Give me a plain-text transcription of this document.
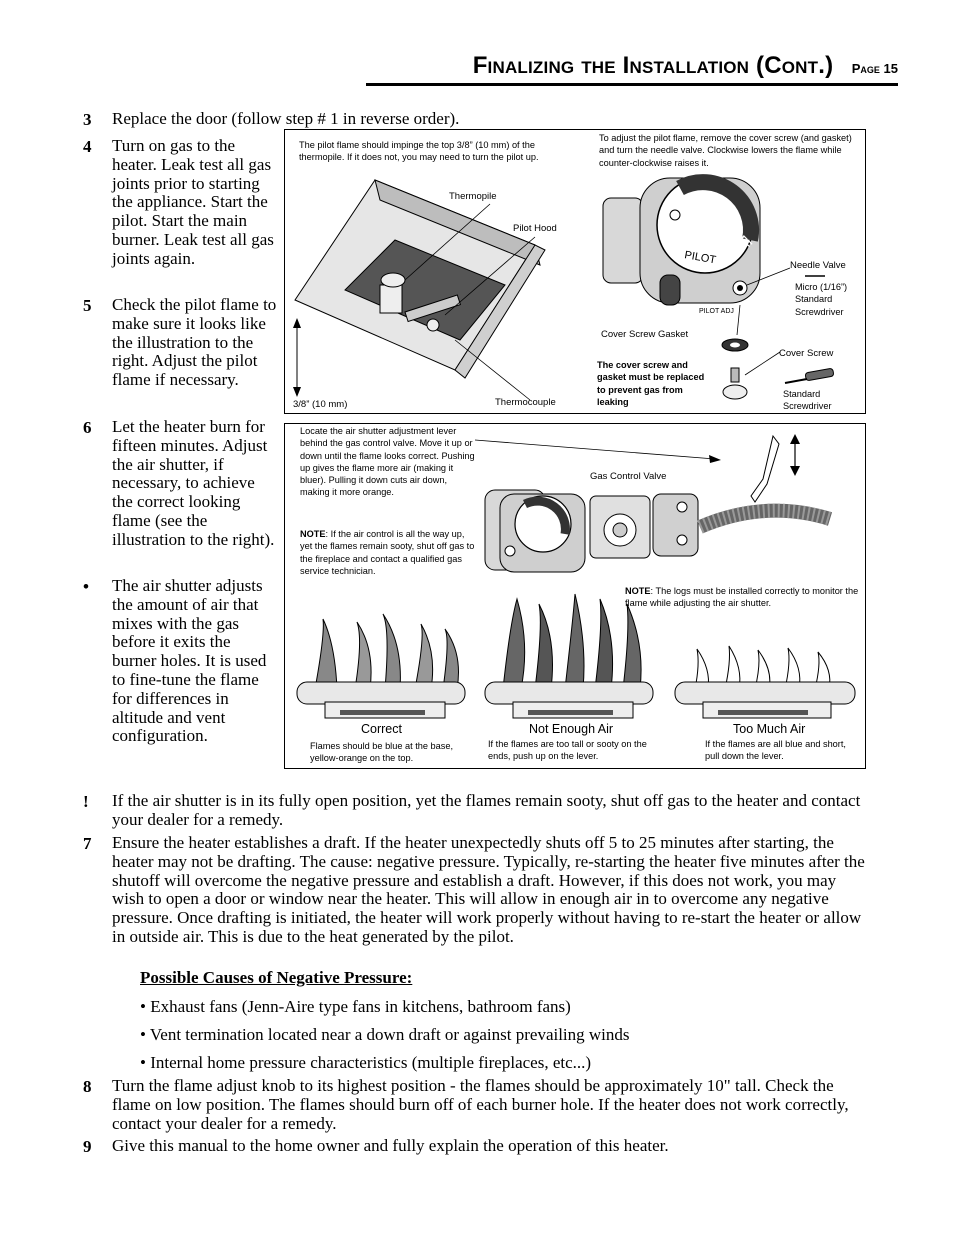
Finalizing the Installation (Cont.) Page 15
3 Replace the door (follow step # 1 in reverse order).
4 Turn on gas to the heater. Leak test all gas joints prior to starting the appliance. Start the pilot. Start the main burner. Leak test all gas joints again.
5 Check the pilot flame to make sure it looks like the illustration to the right. Adjust the pilot flame if necessary.
6 Let the heater burn for fifteen minutes. Adjust the air shutter, if necessary, to achieve the correct looking flame (see the illustration to the right).
• The air shutter adjusts the amount of air that mixes with the gas before it exits the burner holes. It is used to fine-tune the flame for differences in altitude and vent configuration.
ON
OFF
PILOT
PILOT ADJ
The pilot flame should impinge the top 3/8” (10 mm) of the thermopile. If it does not, you may need to turn the pilot up.
Thermopile
Pilot Hood
3/8” (10 mm)	Thermocouple
To adjust the pilot flame, remove the cover screw (and gasket) and turn the needle valve. Clockwise lowers the flame while counter-clockwise raises it.
Needle Valve
Micro (1/16”) Standard Screwdriver
Cover Screw Gasket
Cover Screw
The cover screw and gasket must be replaced to prevent gas from leaking
Standard Screwdriver
Locate the air shutter adjustment lever behind the gas control valve. Move it up or down until the flame looks correct. Pushing up gives the flame more air (making it bluer). Pulling it down cuts air down, making it more orange.
NOTE: If the air control is all the way up, yet the flames remain sooty, shut off gas to the fireplace and contact a qualified gas service technician.
Gas Control Valve
NOTE: The logs must be installed correctly to monitor the flame while adjusting the air shutter.
Correct
Flames should be blue at the base, yellow-orange on the top.
Not Enough Air
If the flames are too tall or sooty on the ends, push up on the lever.
Too Much Air
If the flames are all blue and short, pull down the lever.
! If the air shutter is in its fully open position, yet the flames remain sooty, shut off gas to the heater and contact your dealer for a remedy.
7 Ensure the heater establishes a draft. If the heater unexpectedly shuts off 5 to 25 minutes after starting, the heater may not be drafting. The cause: negative pressure. Typically, re-starting the heater five minutes after the shutoff will overcome the negative pressure and establish a draft. However, if this does not work, you may wish to open a door or window near the heater. This will allow in enough air in to overcome any negative pressure. Once drafting is initiated, the heater will work properly without having to re-start the heater or allow in outside air. This is due to the heat generated by the pilot.
Possible Causes of Negative Pressure:
• Exhaust fans (Jenn-Aire type fans in kitchens, bathroom fans)
• Vent termination located near a down draft or against prevailing winds
• Internal home pressure characteristics (multiple fireplaces, etc...)
8 Turn the flame adjust knob to its highest position - the flames should be approximately 10" tall. Check the flame on low position. The flames should burn off of each burner hole. If the heater does not work correctly, contact your dealer for a remedy.
9 Give this manual to the home owner and fully explain the operation of this heater.
